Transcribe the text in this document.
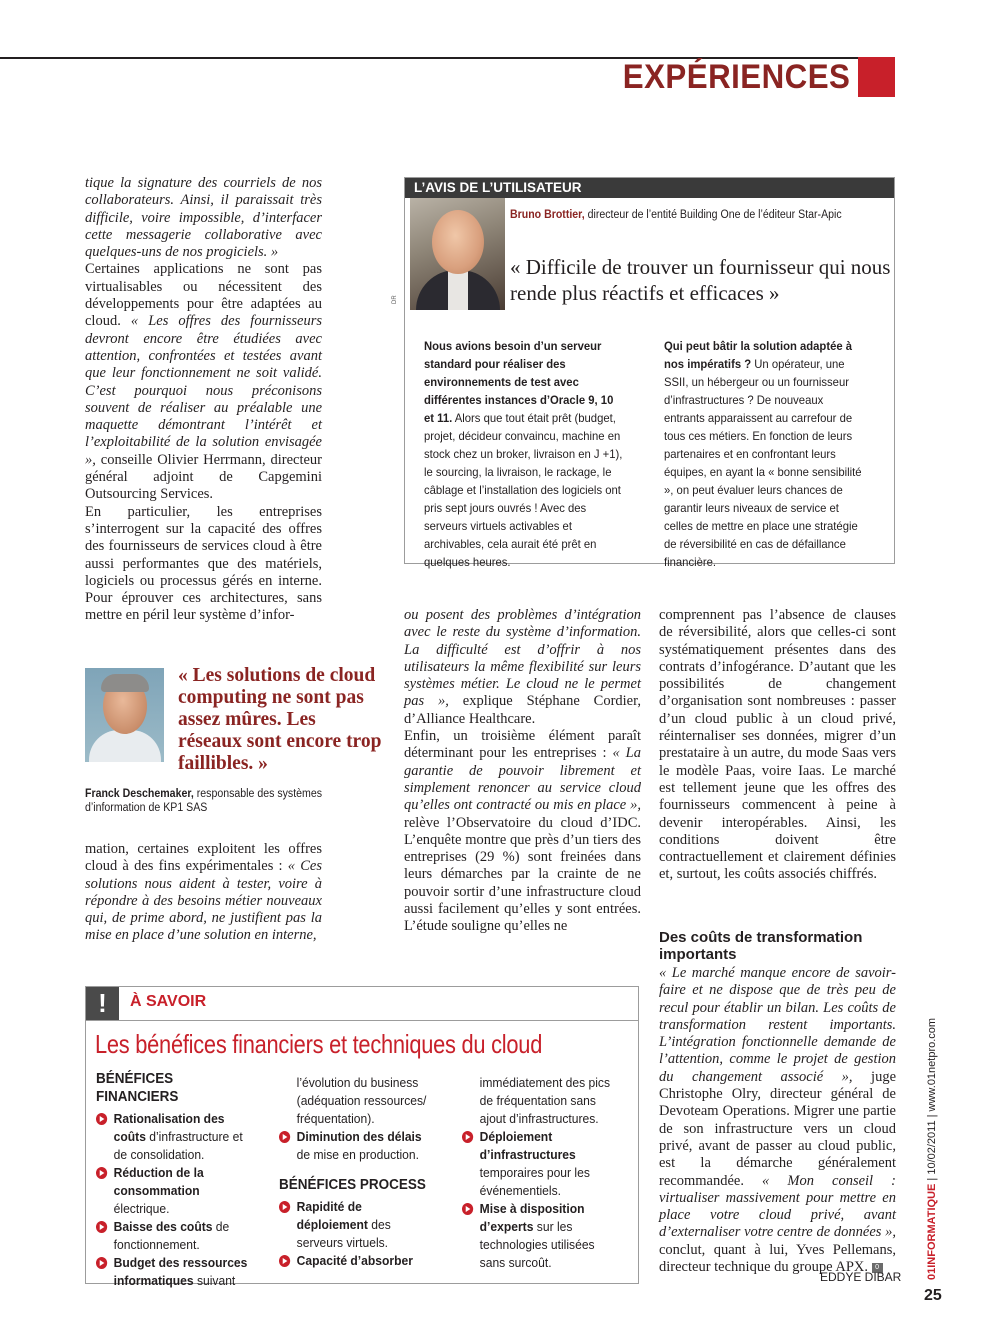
EXPÉRIENCES

tique la signature des courriels de nos collaborateurs. Ainsi, il paraissait très difficile, voire impossible, d’interfacer cette messagerie collaborative avec quelques-uns de nos progiciels. »

Certaines applications ne sont pas virtualisables ou nécessitent des développements pour être adaptées au cloud. « Les offres des fournisseurs devront encore être étudiées avec attention, confrontées et testées avant que leur fonctionnement ne soit validé. C’est pourquoi nous préconisons souvent de réaliser au préalable une maquette démontrant l’intérêt et l’exploitabilité de la solution envisagée », conseille Olivier Herrmann, directeur général adjoint de Capgemini Outsourcing Services.

En particulier, les entreprises s’interrogent sur la capacité des offres des fournisseurs de services cloud à être aussi performantes que des matériels, logiciels ou processus gérés en interne. Pour éprouver ces architectures, sans mettre en péril leur système d’infor-

« Les solutions de cloud computing ne sont pas assez mûres. Les réseaux sont encore trop faillibles. »
Franck Deschemaker, responsable des systèmes d’information de KP1 SAS

mation, certaines exploitent les offres cloud à des fins expérimentales : « Ces solutions nous aident à tester, voire à répondre à des besoins métier nouveaux qui, de prime abord, ne justifient pas la mise en place d’une solution en interne,

L’AVIS DE L’UTILISATEUR
Bruno Brottier, directeur de l’entité Building One de l’éditeur Star-Apic
« Difficile de trouver un fournisseur qui nous rende plus réactifs et efficaces »
Nous avions besoin d’un serveur standard pour réaliser des environnements de test avec différentes instances d’Oracle 9, 10 et 11. Alors que tout était prêt (budget, projet, décideur convaincu, machine en stock chez un broker, livraison en J +1), le sourcing, la livraison, le rackage, le câblage et l’installation des logiciels ont pris sept jours ouvrés ! Avec des serveurs virtuels activables et archivables, cela aurait été prêt en quelques heures.
Qui peut bâtir la solution adaptée à nos impératifs ? Un opérateur, une SSII, un hébergeur ou un fournisseur d’infrastructures ? De nouveaux entrants apparaissent au carrefour de tous ces métiers. En fonction de leurs partenaires et en confrontant leurs équipes, en ayant la « bonne sensibilité », on peut évaluer leurs chances de garantir leurs niveaux de service et celles de mettre en place une stratégie de réversibilité en cas de défaillance financière.
DR

ou posent des problèmes d’intégration avec le reste du système d’information. La difficulté est d’offrir à nos utilisateurs la même flexibilité sur leurs systèmes métier. Le cloud ne le permet pas », explique Stéphane Cordier, d’Alliance Healthcare.

Enfin, un troisième élément paraît déterminant pour les entreprises : « La garantie de pouvoir librement et simplement renoncer au service cloud qu’elles ont contracté ou mis en place », relève l’Observatoire du cloud d’IDC. L’enquête montre que près d’un tiers des entreprises (29 %) sont freinées dans leurs démarches par la crainte de ne pouvoir sortir d’une infrastructure cloud aussi facilement qu’elles y sont entrées. L’étude souligne qu’elles ne

comprennent pas l’absence de clauses de réversibilité, alors que celles-ci sont systématiquement présentes dans des contrats d’infogérance. D’autant que les possibilités de changement d’organisation sont nombreuses : passer d’un cloud public à un cloud privé, réinternaliser ses données, migrer d’un prestataire à un autre, du mode Saas vers le modèle Paas, voire Iaas. Le marché est tellement jeune que les offres des fournisseurs commencent à peine à devenir interopérables. Ainsi, les conditions doivent être contractuellement et clairement définies et, surtout, les coûts associés chiffrés.

Des coûts de transformation importants

« Le marché manque encore de savoir-faire et ne dispose que de très peu de recul pour établir un bilan. Les coûts de transformation restent importants. L’intégration fonctionnelle demande de l’attention, comme le projet de gestion du changement associé », juge Christophe Olry, directeur général de Devoteam Operations. Migrer une partie de son infrastructure vers un cloud privé, avant de passer au cloud public, est la démarche généralement recommandée. « Mon conseil : virtualiser massivement pour mettre en place votre cloud privé, avant d’externaliser votre centre de données », conclut, quant à lui, Yves Pellemans, directeur technique du groupe APX. 0

EDDYE DIBAR
!	À SAVOIR
Les bénéfices financiers et techniques du cloud
BÉNÉFICES FINANCIERS
Rationalisation des coûts d’infrastructure et de consolidation.
Réduction de la consommation électrique.
Baisse des coûts de fonctionnement.
Budget des ressources informatiques suivant
l’évolution du business (adéquation ressources/ fréquentation).
Diminution des délais de mise en production.
BÉNÉFICES PROCESS
Rapidité de déploiement des serveurs virtuels.
Capacité d’absorber
immédiatement des pics de fréquentation sans ajout d’infrastructures.
Déploiement d’infrastructures temporaires pour les événementiels.
Mise à disposition d’experts sur les technologies utilisées sans surcoût.	01INFORMATIQUE | 10/02/2011 | www.01netpro.com
25
